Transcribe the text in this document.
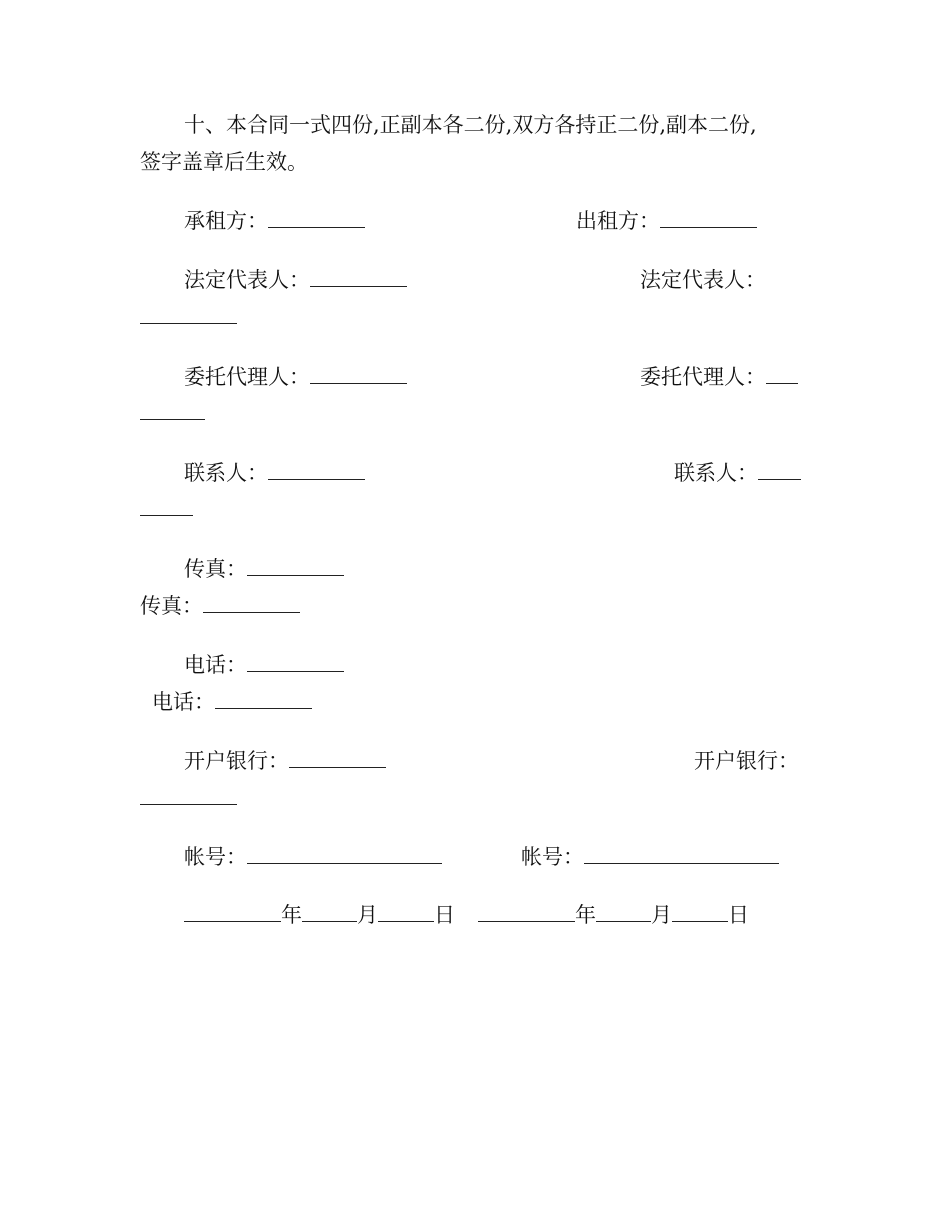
十、本合同一式四份,正副本各二份,双方各持正二份,副本二份,
签字盖章后生效。
承租方：	出租方：
法定代表人：	法定代表人：
委托代理人：	委托代理人：
联系人：	联系人：
传真：
传真：
电话：
电话：
开户银行：	开户银行：
帐号：	帐号：
年	月	日	年	月	日
